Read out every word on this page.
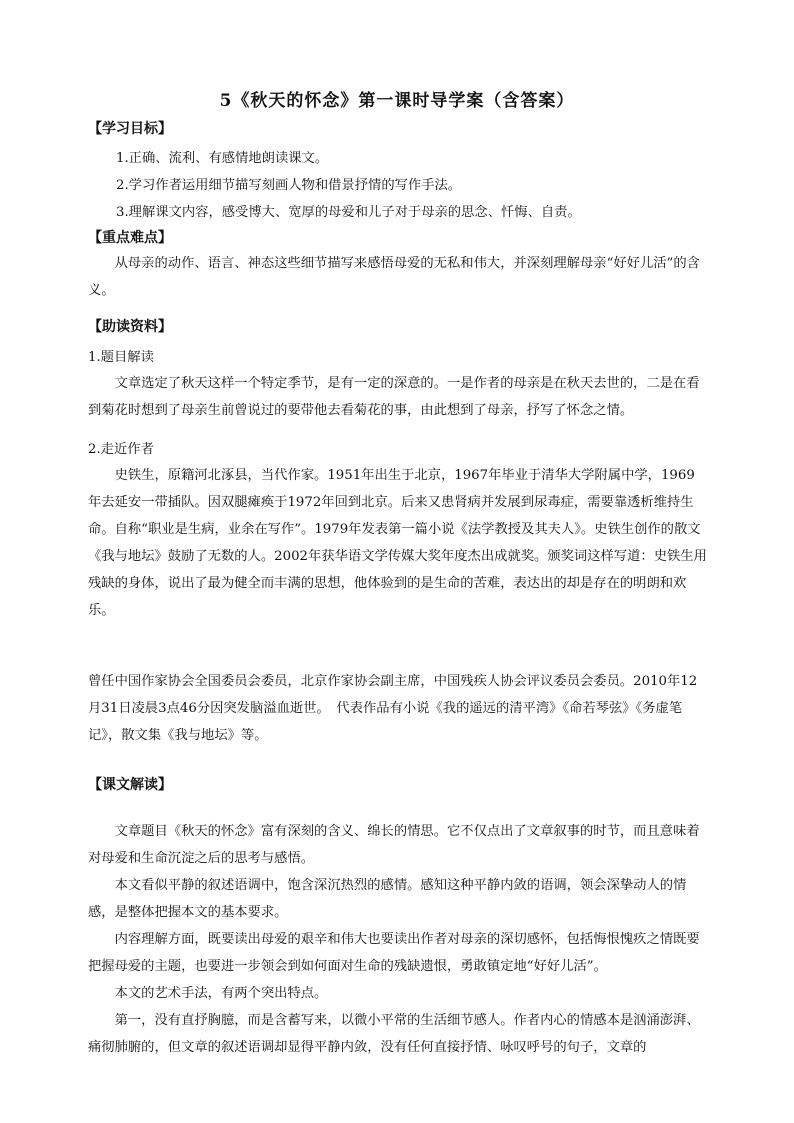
5《秋天的怀念》第一课时导学案（含答案）
【学习目标】
1.正确、流利、有感情地朗读课文。
2.学习作者运用细节描写刻画人物和借景抒情的写作手法。
3.理解课文内容，感受博大、宽厚的母爱和儿子对于母亲的思念、忏悔、自责。
【重点难点】

从母亲的动作、语言、神态这些细节描写来感悟母爱的无私和伟大，并深刻理解母亲“好好儿活”的含义。

【助读资料】
1.题目解读

文章选定了秋天这样一个特定季节，是有一定的深意的。一是作者的母亲是在秋天去世的，二是在看到菊花时想到了母亲生前曾说过的要带他去看菊花的事，由此想到了母亲，抒写了怀念之情。

2.走近作者

史铁生，原籍河北涿县，当代作家。1951年出生于北京，1967年毕业于清华大学附属中学，1969年去延安一带插队。因双腿瘫痪于1972年回到北京。后来又患肾病并发展到尿毒症，需要靠透析维持生命。自称“职业是生病，业余在写作”。1979年发表第一篇小说《法学教授及其夫人》。史铁生创作的散文《我与地坛》鼓励了无数的人。2002年获华语文学传媒大奖年度杰出成就奖。颁奖词这样写道：史铁生用残缺的身体，说出了最为健全而丰满的思想，他体验到的是生命的苦难，表达出的却是存在的明朗和欢乐。

曾任中国作家协会全国委员会委员，北京作家协会副主席，中国残疾人协会评议委员会委员。2010年12月31日凌晨3点46分因突发脑溢血逝世。　代表作品有小说《我的遥远的清平湾》《命若琴弦》《务虚笔记》，散文集《我与地坛》等。

【课文解读】

文章题目《秋天的怀念》富有深刻的含义、绵长的情思。它不仅点出了文章叙事的时节，而且意味着对母爱和生命沉淀之后的思考与感悟。

本文看似平静的叙述语调中，饱含深沉热烈的感情。感知这种平静内敛的语调，领会深挚动人的情感，是整体把握本文的基本要求。

内容理解方面，既要读出母爱的艰辛和伟大也要读出作者对母亲的深切感怀，包括悔恨愧疚之情既要把握母爱的主题，也要进一步领会到如何面对生命的残缺遗恨，勇敢镇定地“好好儿活”。

本文的艺术手法，有两个突出特点。

第一，没有直抒胸臆，而是含蓄写来，以微小平常的生活细节感人。作者内心的情感本是汹涌澎湃、痛彻肺腑的，但文章的叙述语调却显得平静内敛，没有任何直接抒情、咏叹呼号的句子，文章的
